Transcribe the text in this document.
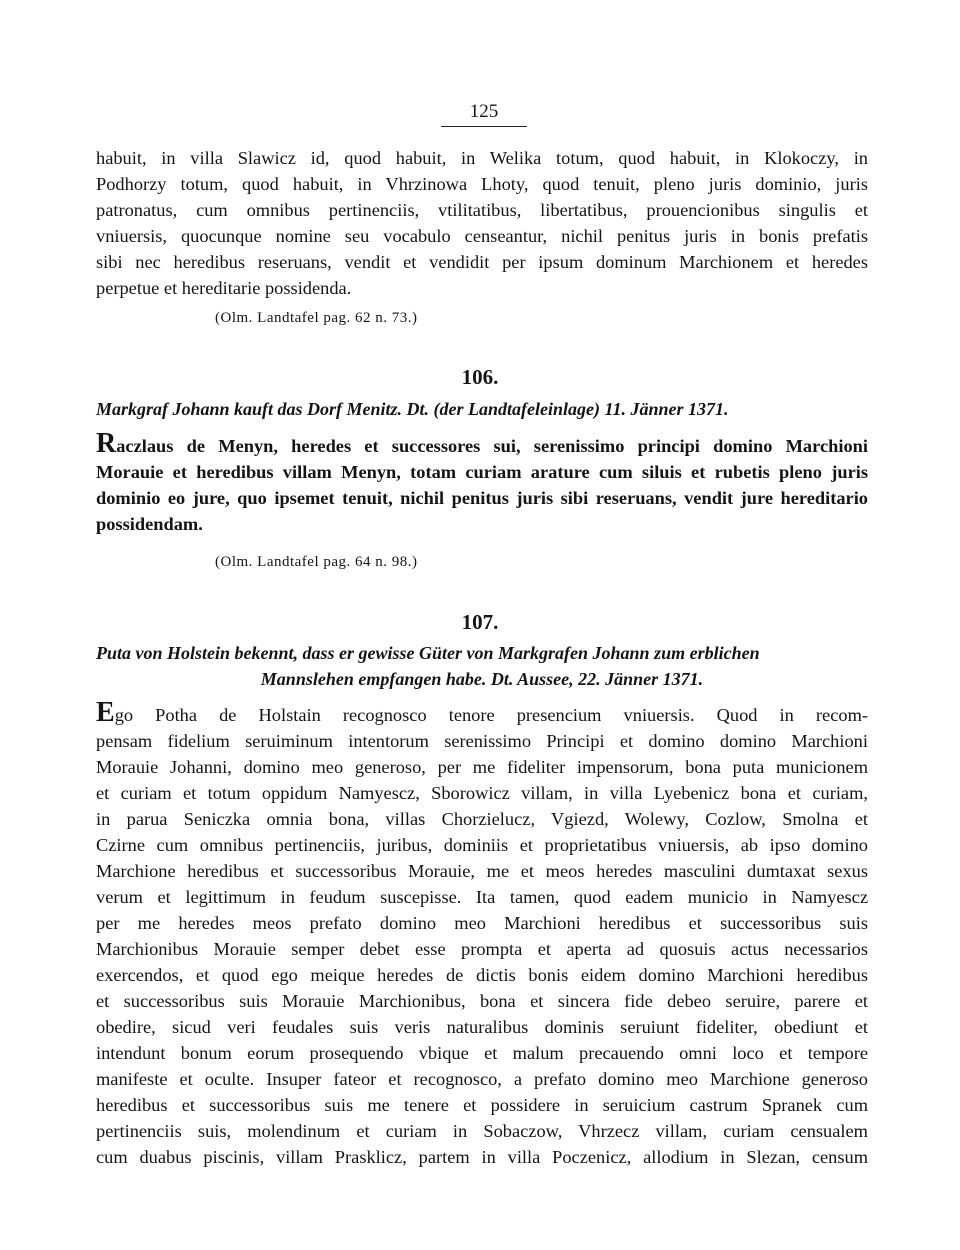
125
habuit, in villa Slawicz id, quod habuit, in Welika totum, quod habuit, in Klokoczy, in
Podhorzy totum, quod habuit, in Vhrzinowa Lhoty, quod tenuit, pleno juris dominio, juris
patronatus, cum omnibus pertinenciis, vtilitatibus, libertatibus, prouencionibus singulis et
vniuersis, quocunque nomine seu vocabulo censeantur, nichil penitus juris in bonis prefatis
sibi nec heredibus reseruans, vendit et vendidit per ipsum dominum Marchionem et heredes
perpetue et hereditarie possidenda.
(Olm. Landtafel pag. 62 n. 73.)
106.
Markgraf Johann kauft das Dorf Menitz. Dt. (der Landtafeleinlage) 11. Jänner 1371.
Raczlaus de Menyn, heredes et successores sui, serenissimo principi domino Marchioni
Morauie et heredibus villam Menyn, totam curiam arature cum siluis et rubetis pleno juris
dominio eo jure, quo ipsemet tenuit, nichil penitus juris sibi reseruans, vendit jure hereditario
possidendam.
(Olm. Landtafel pag. 64 n. 98.)
107.
Puta von Holstein bekennt, dass er gewisse Güter von Markgrafen Johann zum erblichen
Mannslehen empfangen habe. Dt. Aussee, 22. Jänner 1371.
Ego Potha de Holstain recognosco tenore presencium vniuersis. Quod in recom-
pensam fidelium seruiminum intentorum serenissimo Principi et domino domino Marchioni
Morauie Johanni, domino meo generoso, per me fideliter impensorum, bona puta municionem
et curiam et totum oppidum Namyescz, Sborowicz villam, in villa Lyebenicz bona et curiam,
in parua Seniczka omnia bona, villas Chorzielucz, Vgiezd, Wolewy, Cozlow, Smolna et
Czirne cum omnibus pertinenciis, juribus, dominiis et proprietatibus vniuersis, ab ipso domino
Marchione heredibus et successoribus Morauie, me et meos heredes masculini dumtaxat sexus
verum et legittimum in feudum suscepisse. Ita tamen, quod eadem municio in Namyescz
per me heredes meos prefato domino meo Marchioni heredibus et successoribus suis
Marchionibus Morauie semper debet esse prompta et aperta ad quosuis actus necessarios
exercendos, et quod ego meique heredes de dictis bonis eidem domino Marchioni heredibus
et successoribus suis Morauie Marchionibus, bona et sincera fide debeo seruire, parere et
obedire, sicud veri feudales suis veris naturalibus dominis seruiunt fideliter, obediunt et
intendunt bonum eorum prosequendo vbique et malum precauendo omni loco et tempore
manifeste et oculte. Insuper fateor et recognosco, a prefato domino meo Marchione generoso
heredibus et successoribus suis me tenere et possidere in seruicium castrum Spranek cum
pertinenciis suis, molendinum et curiam in Sobaczow, Vhrzecz villam, curiam censualem
cum duabus piscinis, villam Prasklicz, partem in villa Poczenicz, allodium in Slezan, censum
